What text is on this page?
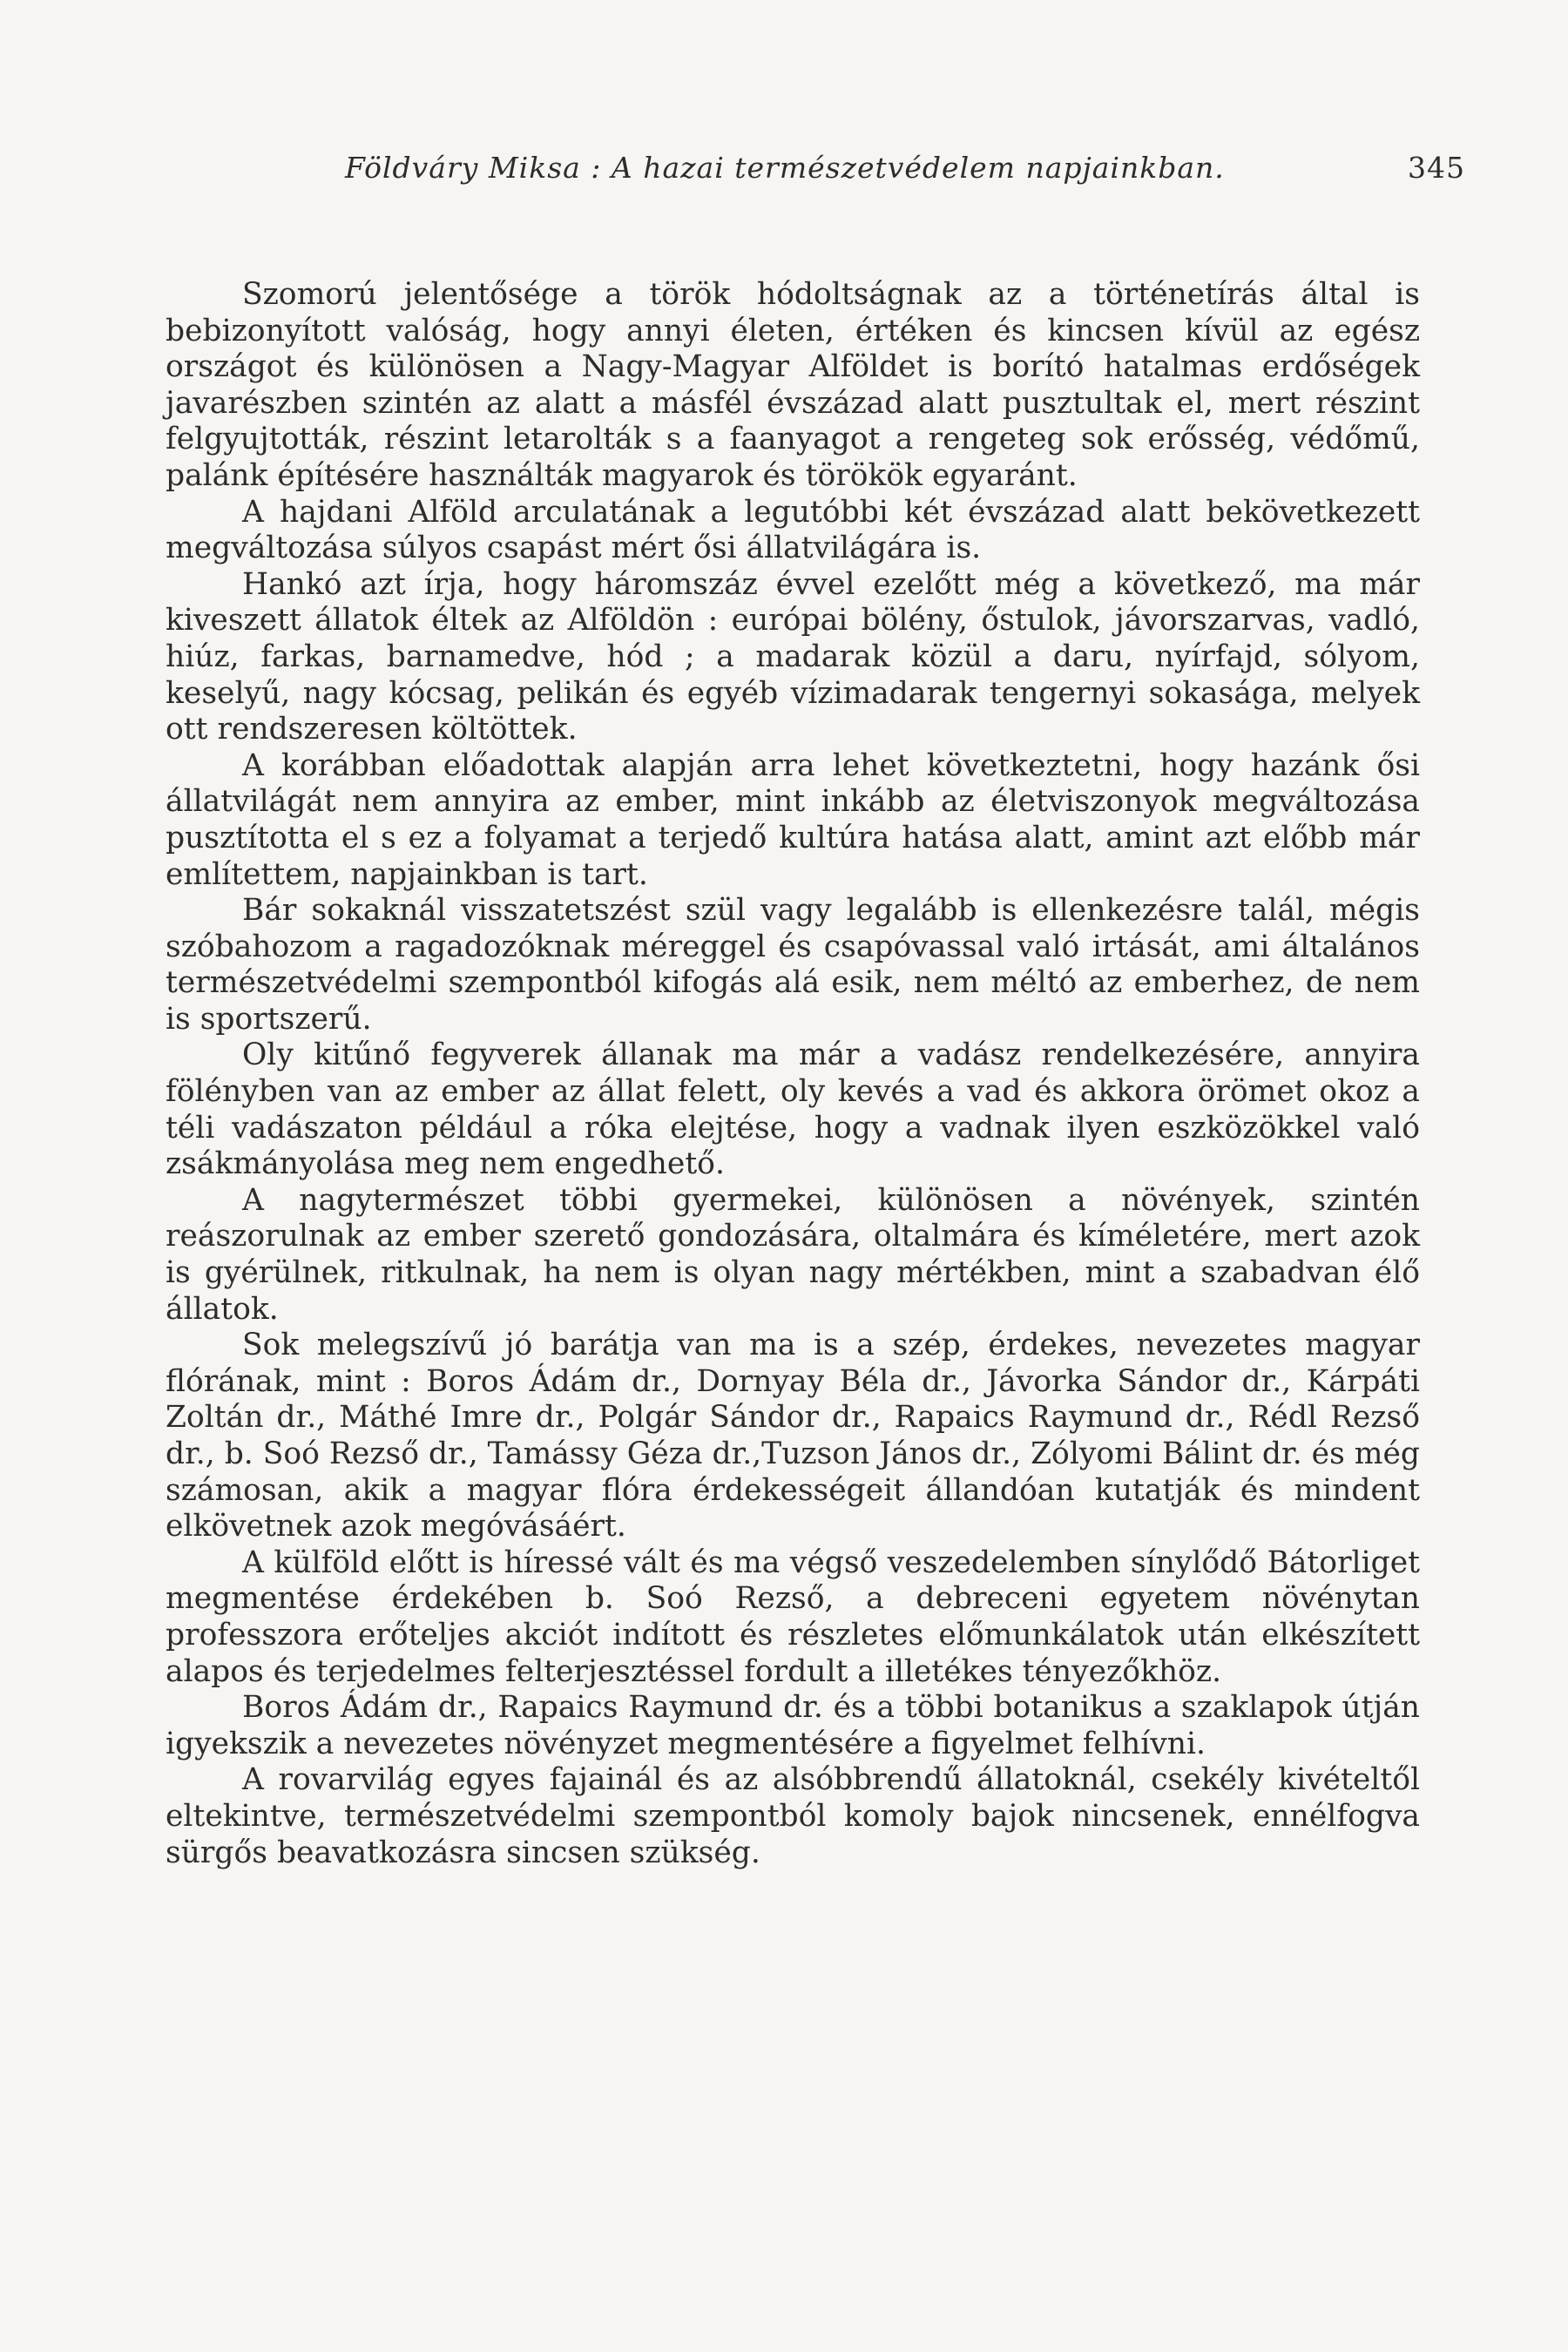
Földváry Miksa : A hazai természetvédelem napjainkban.	345

Szomorú jelentősége a török hódoltságnak az a történetírás által is bebizonyított valóság, hogy annyi életen, értéken és kincsen kívül az egész országot és különösen a Nagy-Magyar Alföldet is borító hatalmas erdőségek javarészben szintén az alatt a másfél évszázad alatt pusztultak el, mert részint felgyujtották, részint letarolták s a faanyagot a rengeteg sok erősség, védőmű, palánk építésére használták magyarok és törökök egyaránt.

A hajdani Alföld arculatának a legutóbbi két évszázad alatt bekövetkezett megváltozása súlyos csapást mért ősi állatvilágára is.

Hankó azt írja, hogy háromszáz évvel ezelőtt még a következő, ma már kiveszett állatok éltek az Alföldön : európai bölény, őstulok, jávorszarvas, vadló, hiúz, farkas, barnamedve, hód ; a madarak közül a daru, nyírfajd, sólyom, keselyű, nagy kócsag, pelikán és egyéb vízimadarak tengernyi sokasága, melyek ott rendszeresen költöttek.

A korábban előadottak alapján arra lehet következtetni, hogy hazánk ősi állatvilágát nem annyira az ember, mint inkább az életviszonyok megváltozása pusztította el s ez a folyamat a terjedő kultúra hatása alatt, amint azt előbb már említettem, napjainkban is tart.

Bár sokaknál visszatetszést szül vagy legalább is ellenkezésre talál, mégis szóbahozom a ragadozóknak méreggel és csapóvassal való irtását, ami általános természetvédelmi szempontból kifogás alá esik, nem méltó az emberhez, de nem is sportszerű.

Oly kitűnő fegyverek állanak ma már a vadász rendelkezésére, annyira fölényben van az ember az állat felett, oly kevés a vad és akkora örömet okoz a téli vadászaton például a róka elejtése, hogy a vadnak ilyen eszközökkel való zsákmányolása meg nem engedhető.

A nagytermészet többi gyermekei, különösen a növények, szintén reászorulnak az ember szerető gondozására, oltalmára és kíméletére, mert azok is gyérülnek, ritkulnak, ha nem is olyan nagy mértékben, mint a szabadvan élő állatok.

Sok melegszívű jó barátja van ma is a szép, érdekes, nevezetes magyar flórának, mint : Boros Ádám dr., Dornyay Béla dr., Jávorka Sándor dr., Kárpáti Zoltán dr., Máthé Imre dr., Polgár Sándor dr., Rapaics Raymund dr., Rédl Rezső dr., b. Soó Rezső dr., Tamássy Géza dr.,Tuzson János dr., Zólyomi Bálint dr. és még számosan, akik a magyar flóra érdekességeit állandóan kutatják és mindent elkövetnek azok megóvásáért.

A külföld előtt is híressé vált és ma végső veszedelemben sínylődő Bátorliget megmentése érdekében b. Soó Rezső, a debreceni egyetem növénytan professzora erőteljes akciót indított és részletes előmunkálatok után elkészített alapos és terjedelmes felterjesztéssel fordult a illetékes tényezőkhöz.

Boros Ádám dr., Rapaics Raymund dr. és a többi botanikus a szaklapok útján igyekszik a nevezetes növényzet megmentésére a figyelmet felhívni.

A rovarvilág egyes fajainál és az alsóbbrendű állatoknál, csekély kivételtől eltekintve, természetvédelmi szempontból komoly bajok nincsenek, ennélfogva sürgős beavatkozásra sincsen szükség.
